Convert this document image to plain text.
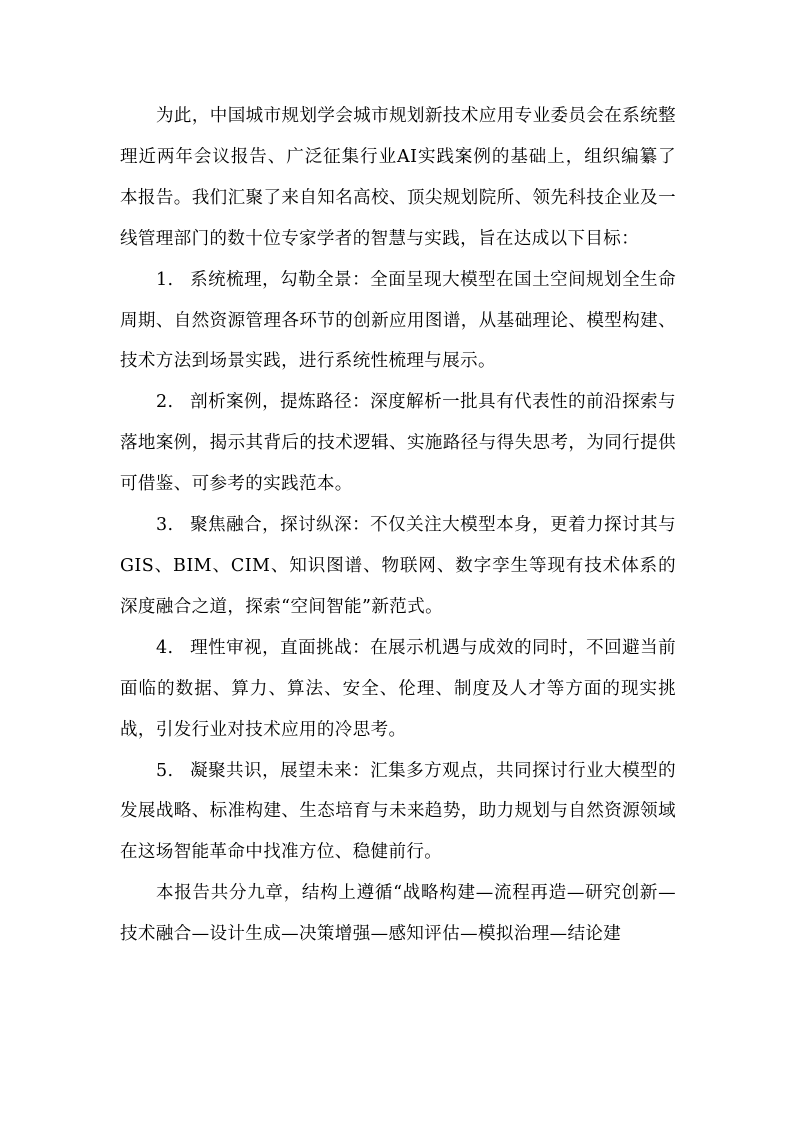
为此，中国城市规划学会城市规划新技术应用专业委员会在系统整理近两年会议报告、广泛征集行业AI实践案例的基础上，组织编纂了本报告。我们汇聚了来自知名高校、顶尖规划院所、领先科技企业及一线管理部门的数十位专家学者的智慧与实践，旨在达成以下目标：

1. 系统梳理，勾勒全景：全面呈现大模型在国土空间规划全生命周期、自然资源管理各环节的创新应用图谱，从基础理论、模型构建、技术方法到场景实践，进行系统性梳理与展示。

2. 剖析案例，提炼路径：深度解析一批具有代表性的前沿探索与落地案例，揭示其背后的技术逻辑、实施路径与得失思考，为同行提供可借鉴、可参考的实践范本。

3. 聚焦融合，探讨纵深：不仅关注大模型本身，更着力探讨其与GIS、BIM、CIM、知识图谱、物联网、数字孪生等现有技术体系的深度融合之道，探索“空间智能”新范式。

4. 理性审视，直面挑战：在展示机遇与成效的同时，不回避当前面临的数据、算力、算法、安全、伦理、制度及人才等方面的现实挑战，引发行业对技术应用的冷思考。

5. 凝聚共识，展望未来：汇集多方观点，共同探讨行业大模型的发展战略、标准构建、生态培育与未来趋势，助力规划与自然资源领域在这场智能革命中找准方位、稳健前行。

本报告共分九章，结构上遵循“战略构建—流程再造—研究创新—技术融合—设计生成—决策增强—感知评估—模拟治理—结论建
